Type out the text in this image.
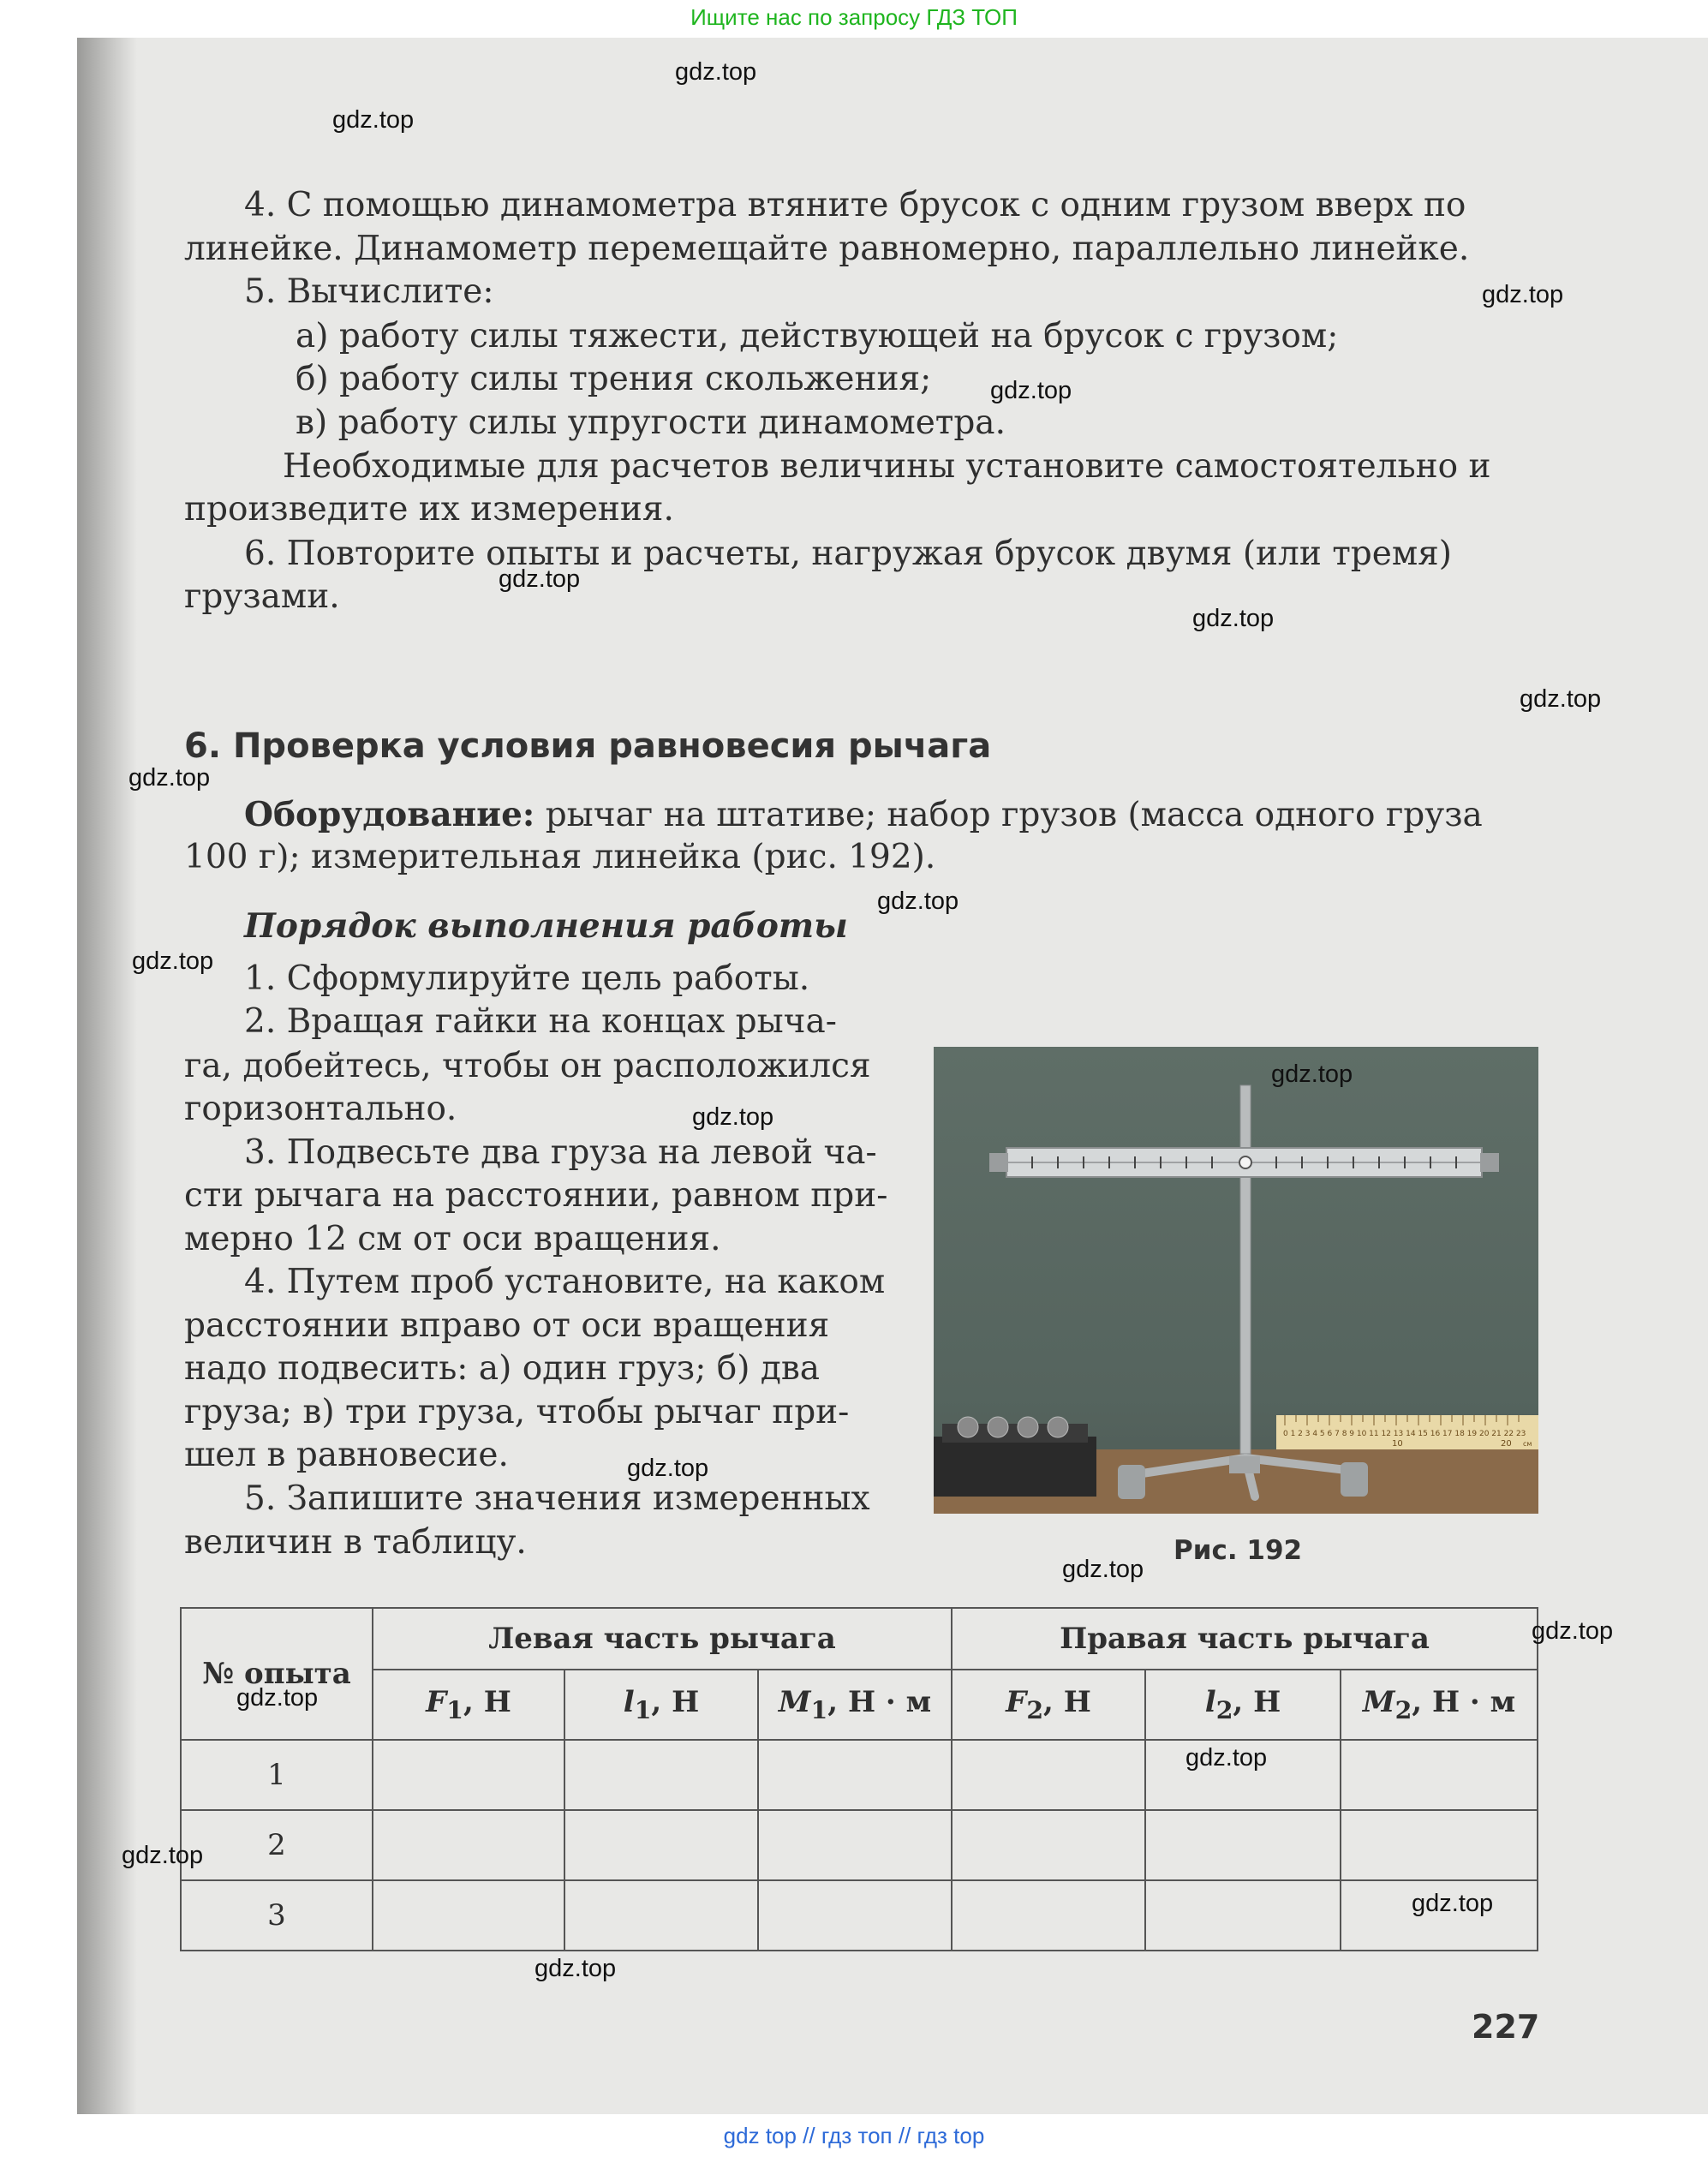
Ищите нас по запросу ГДЗ ТОП
4. С помощью динамометра втяните брусок с одним грузом вверх по
линейке. Динамометр перемещайте равномерно, параллельно линейке.
5. Вычислите:
а) работу силы тяжести, действующей на брусок с грузом;
б) работу силы трения скольжения;
в) работу силы упругости динамометра.
Необходимые для расчетов величины установите самостоятельно и
произведите их измерения.
6. Повторите опыты и расчеты, нагружая брусок двумя (или тремя)
грузами.
6. Проверка условия равновесия рычага
Оборудование: рычаг на штативе; набор грузов (масса одного груза
100 г); измерительная линейка (рис. 192).
Порядок выполнения работы
1. Сформулируйте цель работы.
2. Вращая гайки на концах рыча-
га, добейтесь, чтобы он расположился
горизонтально.
3. Подвесьте два груза на левой ча-
сти рычага на расстоянии, равном при-
мерно 12 см от оси вращения.
4. Путем проб установите, на каком
расстоянии вправо от оси вращения
надо подвесить: а) один груз; б) два
груза; в) три груза, чтобы рычаг при-
шел в равновесие.
5. Запишите значения измеренных
величин в таблицу.
0 1 2 3 4 5 6 7 8 9 10 11 12 13 14 15 16 17 18 19 20 21 22 23
10	20 см
Рис. 192
№ опыта	Левая часть рычага			Правая часть рычага		
	$F_1$, Н	$l_1$, Н	$M_1$, Н · м	$F_2$, Н	$l_2$, Н	$M_2$, Н · м
1						
2						
3						
227
gdz.top
gdz.top
gdz.top
gdz.top
gdz.top
gdz.top
gdz.top
gdz.top
gdz.top
gdz.top
gdz.top
gdz.top
gdz.top
gdz.top
gdz.top
gdz.top
gdz.top
gdz.top
gdz.top
gdz.top
gdz top // гдз топ // гдз top
